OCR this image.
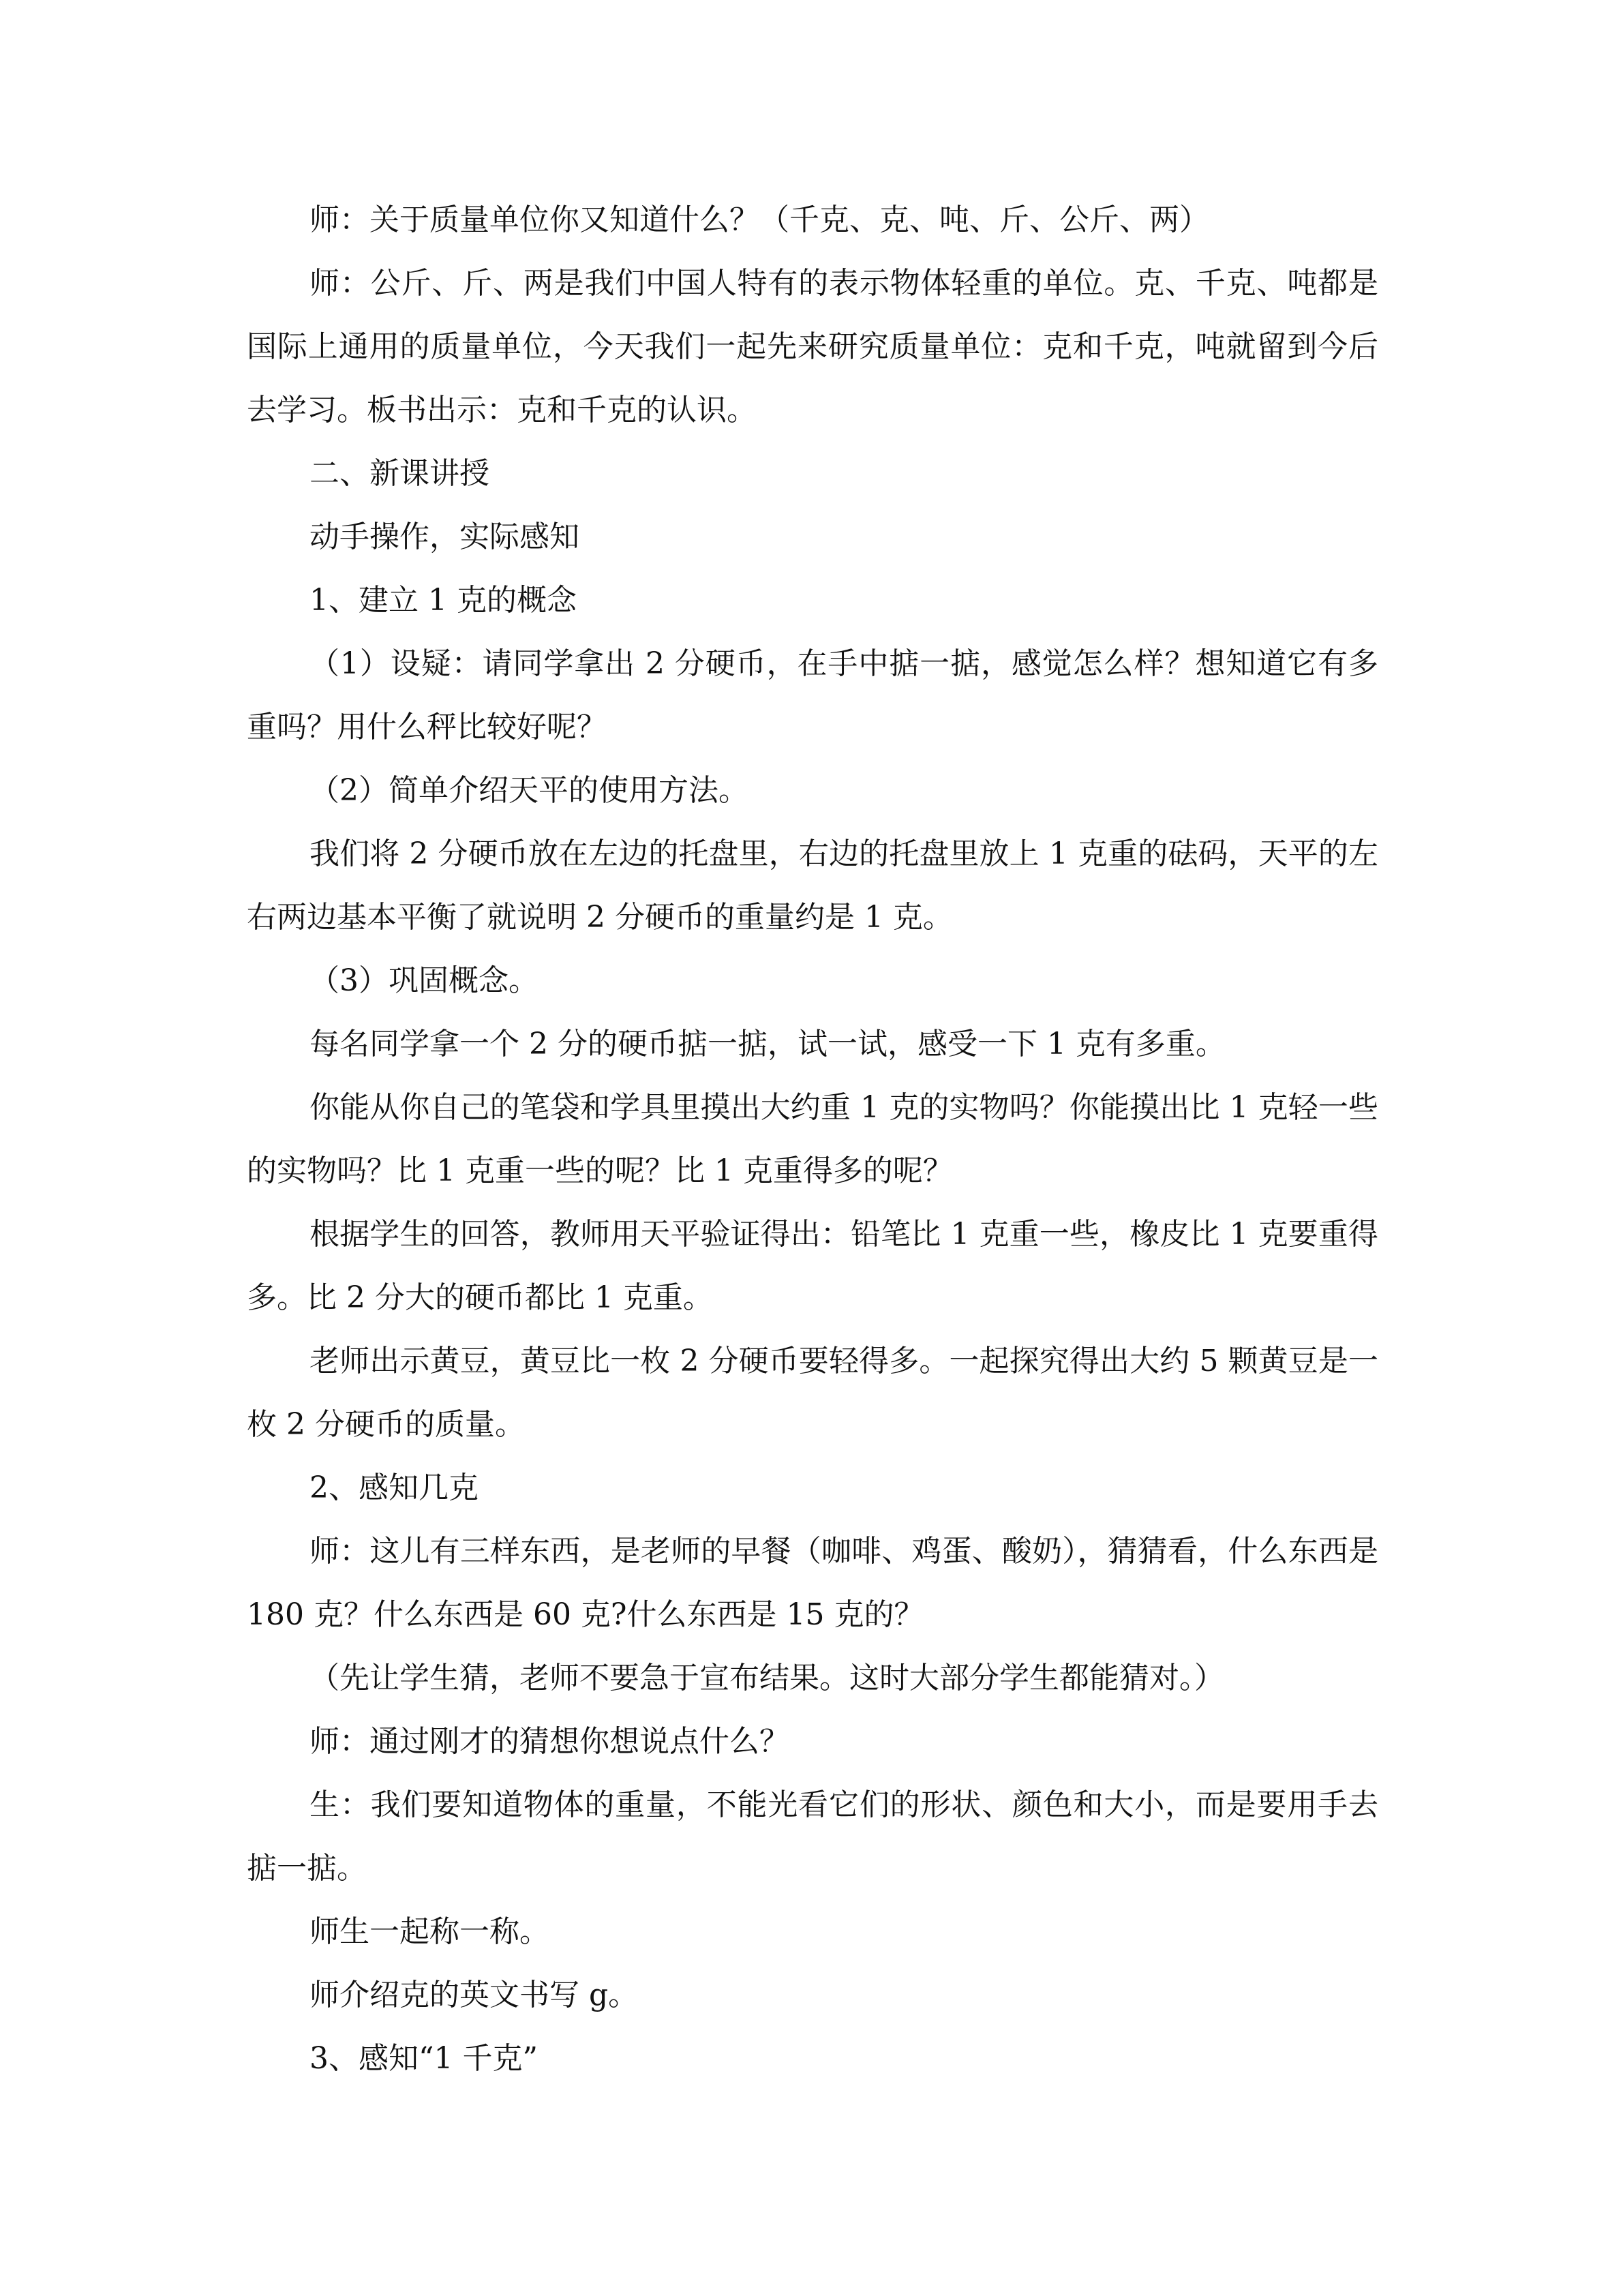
师：关于质量单位你又知道什么？（千克、克、吨、斤、公斤、两）

师：公斤、斤、两是我们中国人特有的表示物体轻重的单位。克、千克、吨都是国际上通用的质量单位，今天我们一起先来研究质量单位：克和千克，吨就留到今后去学习。板书出示：克和千克的认识。

二、新课讲授

动手操作，实际感知

1、建立 1 克的概念

（1）设疑：请同学拿出 2 分硬币，在手中掂一掂，感觉怎么样？想知道它有多重吗？用什么秤比较好呢？

（2）简单介绍天平的使用方法。

我们将 2 分硬币放在左边的托盘里，右边的托盘里放上 1 克重的砝码，天平的左右两边基本平衡了就说明 2 分硬币的重量约是 1 克。

（3）巩固概念。

每名同学拿一个 2 分的硬币掂一掂，试一试，感受一下 1 克有多重。

你能从你自己的笔袋和学具里摸出大约重 1 克的实物吗？你能摸出比 1 克轻一些的实物吗？比 1 克重一些的呢？比 1 克重得多的呢？

根据学生的回答，教师用天平验证得出：铅笔比 1 克重一些，橡皮比 1 克要重得多。比 2 分大的硬币都比 1 克重。

老师出示黄豆，黄豆比一枚 2 分硬币要轻得多。一起探究得出大约 5 颗黄豆是一枚 2 分硬币的质量。

2、感知几克

师：这儿有三样东西，是老师的早餐（咖啡、鸡蛋、酸奶），猜猜看，什么东西是 180 克？什么东西是 60 克?什么东西是 15 克的？

（先让学生猜，老师不要急于宣布结果。这时大部分学生都能猜对。）

师：通过刚才的猜想你想说点什么？

生：我们要知道物体的重量，不能光看它们的形状、颜色和大小，而是要用手去掂一掂。

师生一起称一称。

师介绍克的英文书写 g。

3、感知“1 千克”
